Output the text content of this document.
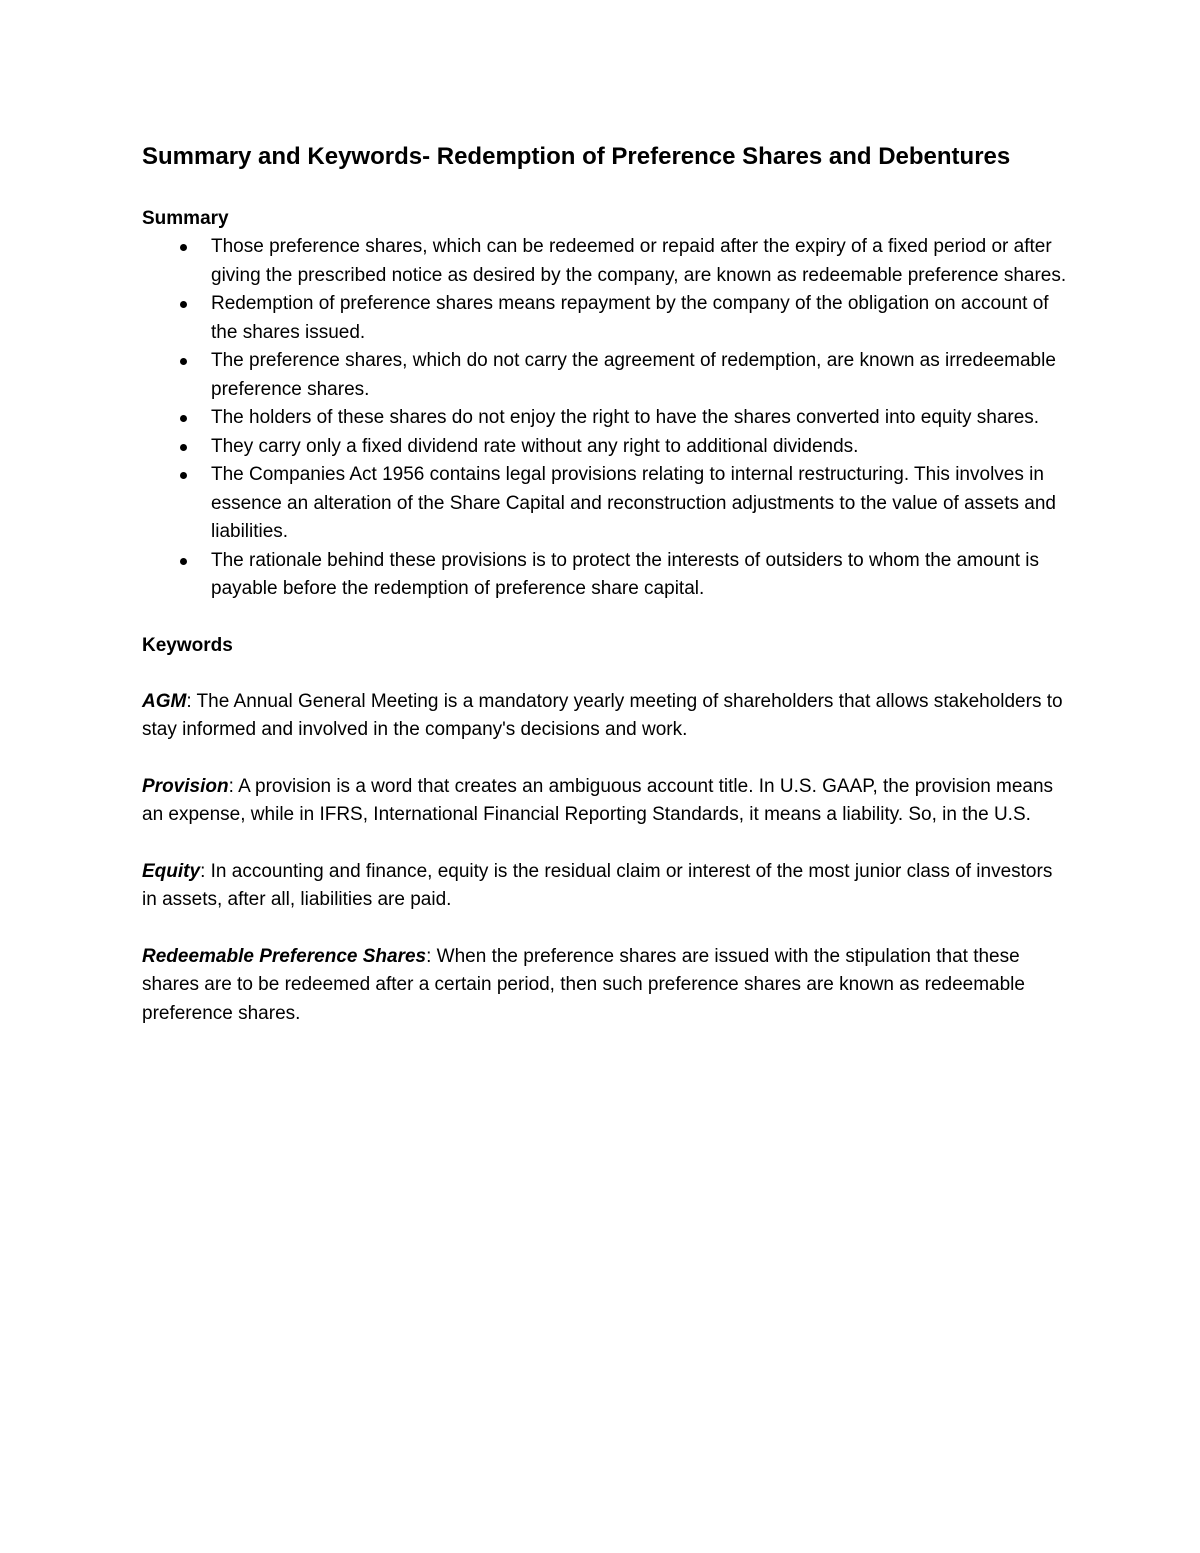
Summary and Keywords- Redemption of Preference Shares and Debentures
Summary
Those preference shares, which can be redeemed or repaid after the expiry of a fixed period or after giving the prescribed notice as desired by the company, are known as redeemable preference shares.
Redemption of preference shares means repayment by the company of the obligation on account of the shares issued.
The preference shares, which do not carry the agreement of redemption, are known as irredeemable preference shares.
The holders of these shares do not enjoy the right to have the shares converted into equity shares.
They carry only a fixed dividend rate without any right to additional dividends.
The Companies Act 1956 contains legal provisions relating to internal restructuring. This involves in essence an alteration of the Share Capital and reconstruction adjustments to the value of assets and liabilities.
The rationale behind these provisions is to protect the interests of outsiders to whom the amount is payable before the redemption of preference share capital.
Keywords

AGM: The Annual General Meeting is a mandatory yearly meeting of shareholders that allows stakeholders to stay informed and involved in the company's decisions and work.

Provision: A provision is a word that creates an ambiguous account title. In U.S. GAAP, the provision means an expense, while in IFRS, International Financial Reporting Standards, it means a liability. So, in the U.S.

Equity: In accounting and finance, equity is the residual claim or interest of the most junior class of investors in assets, after all, liabilities are paid.

Redeemable Preference Shares: When the preference shares are issued with the stipulation that these shares are to be redeemed after a certain period, then such preference shares are known as redeemable preference shares.
